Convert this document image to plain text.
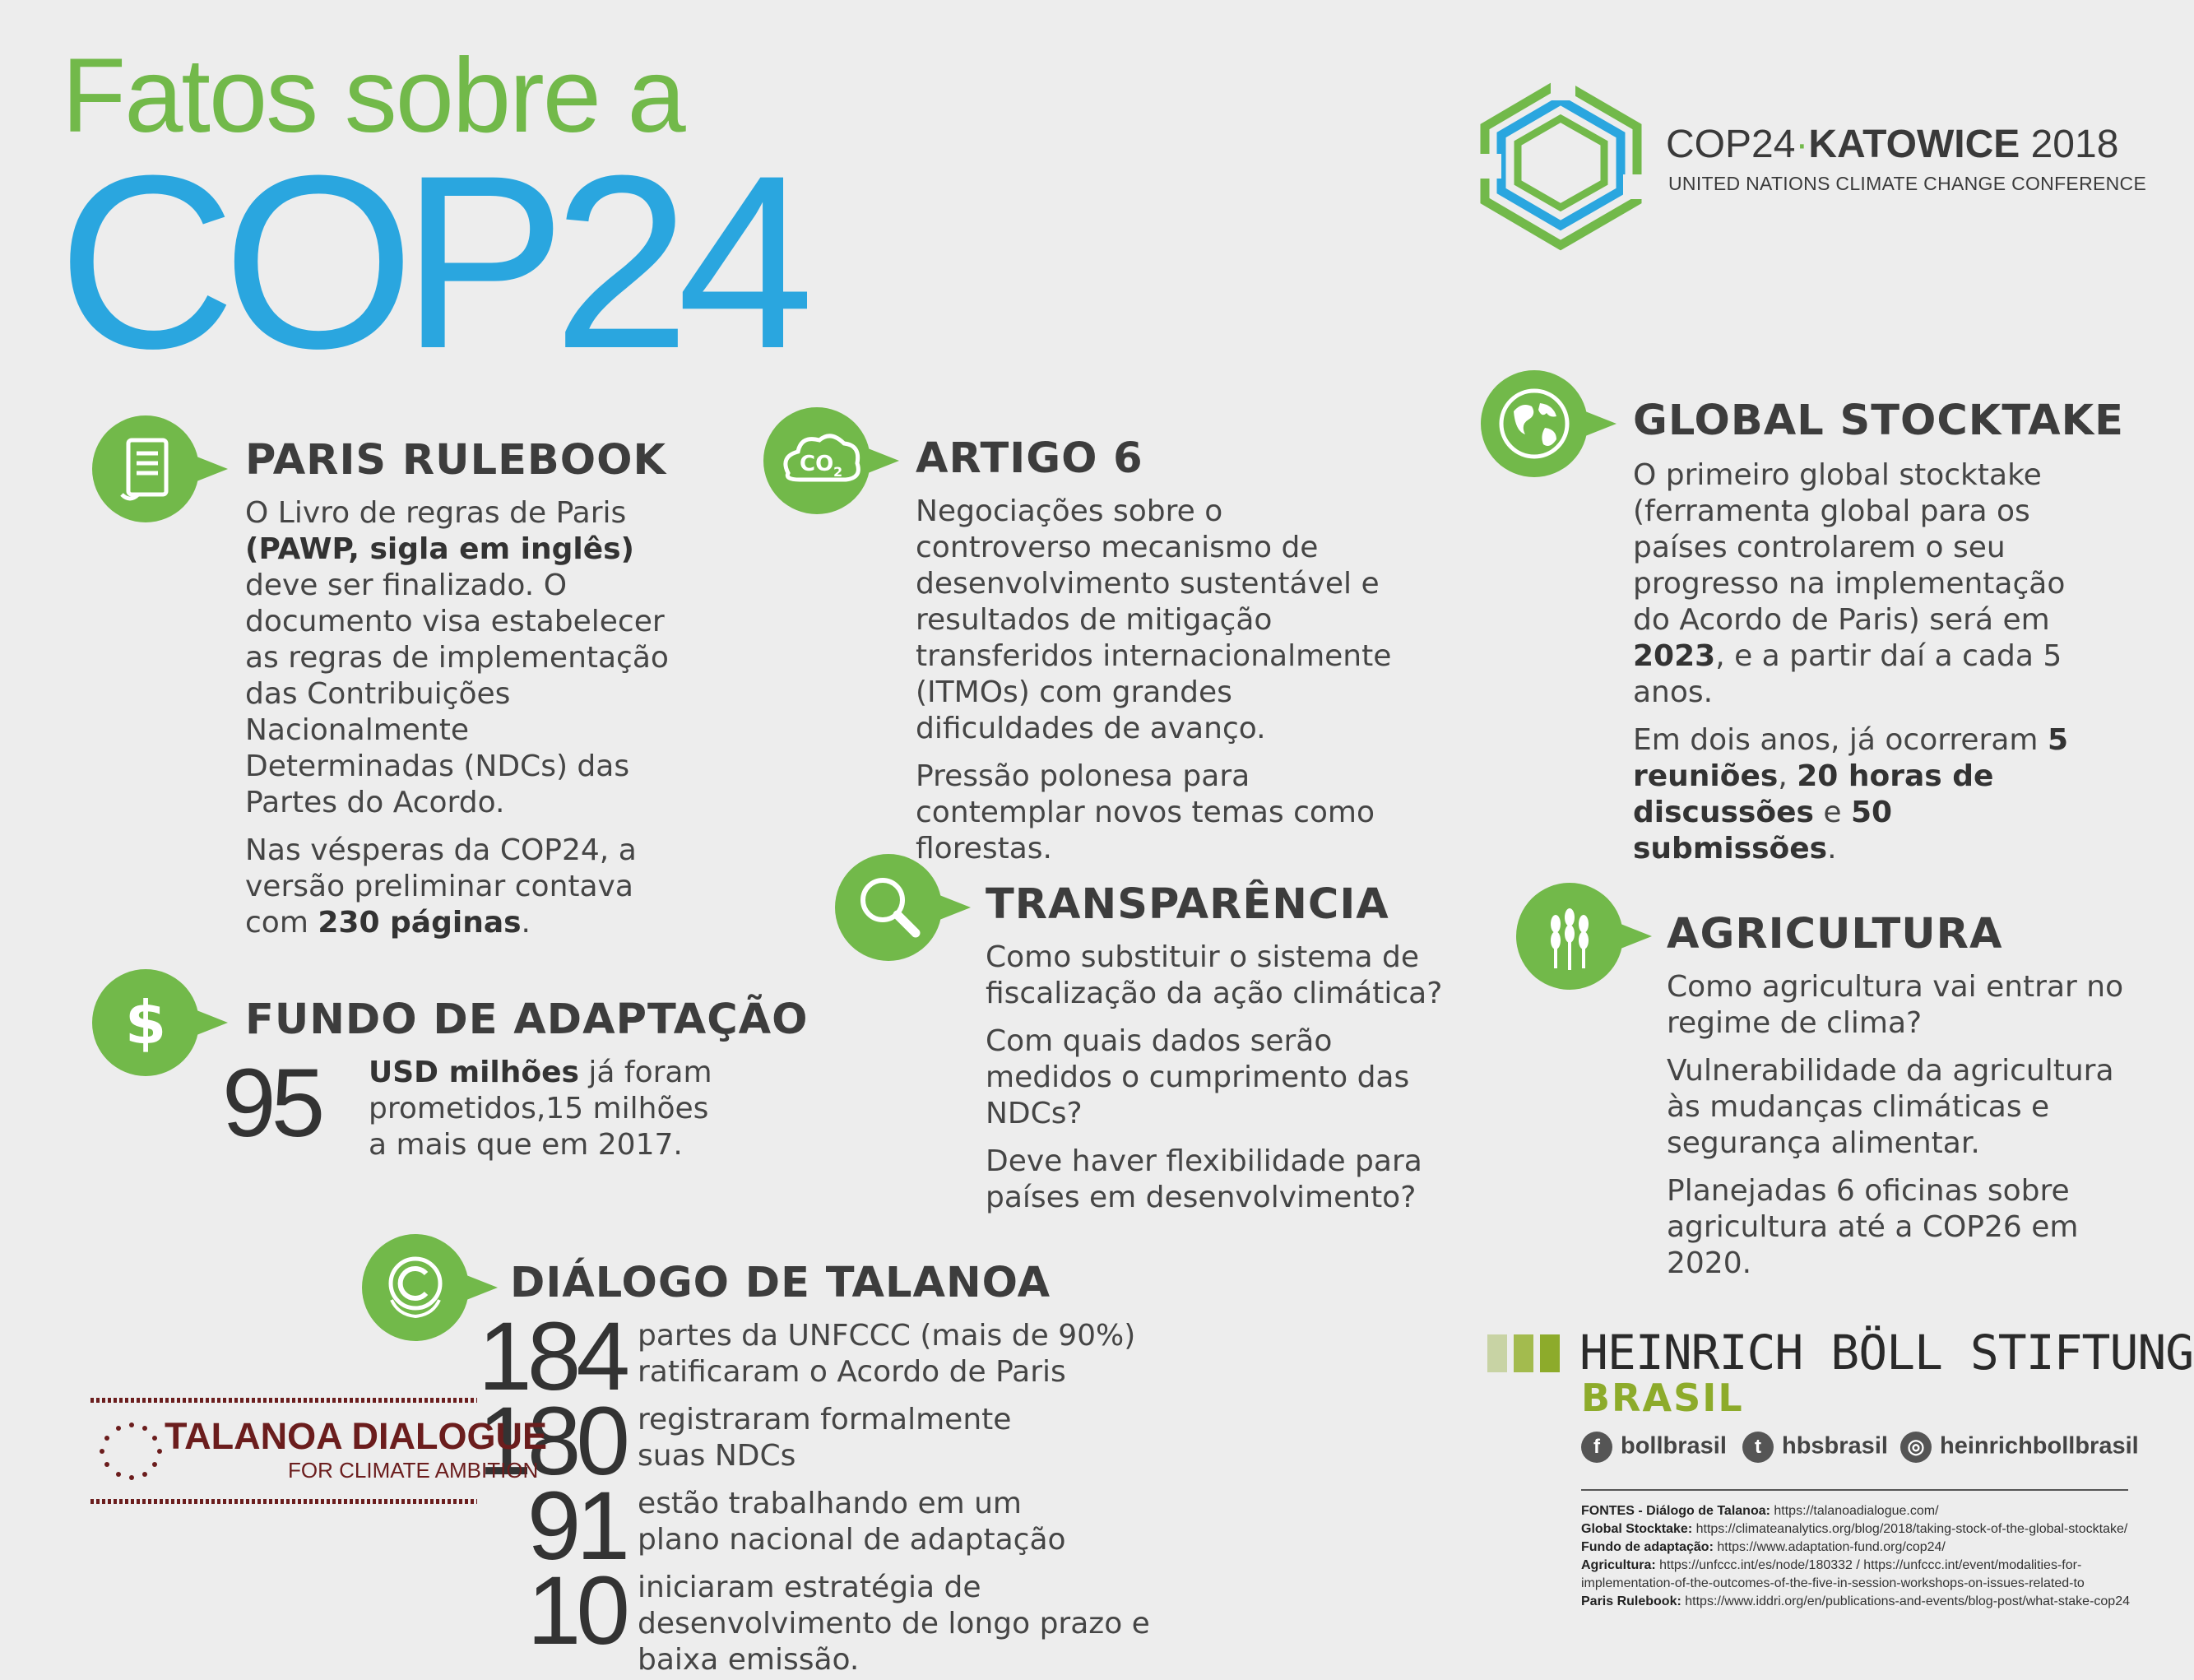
Fatos sobre a
COP24	COP24·KATOWICE 2018
UNITED NATIONS CLIMATE CHANGE CONFERENCE
PARIS RULEBOOK

O Livro de regras de Paris (PAWP, sigla em inglês) deve ser finalizado. O documento visa estabelecer as regras de implementação das Contribuições Nacionalmente Determinadas (NDCs) das Partes do Acordo.

Nas vésperas da COP24, a versão preliminar contava com 230 páginas.

CO 2 ARTIGO 6

Negociações sobre o controverso mecanismo de desenvolvimento sustentável e resultados de mitigação transferidos internacionalmente (ITMOs) com grandes dificuldades de avanço.

Pressão polonesa para contemplar novos temas como florestas.

GLOBAL STOCKTAKE

O primeiro global stocktake (ferramenta global para os países controlarem o seu progresso na implementação do Acordo de Paris) será em 2023, e a partir daí a cada 5 anos.

Em dois anos, já ocorreram 5 reuniões, 20 horas de discussões e 50 submissões.

$ FUNDO DE ADAPTAÇÃO
95	USD milhões já foram prometidos,15 milhões a mais que em 2017.

TRANSPARÊNCIA

Como substituir o sistema de fiscalização da ação climática?

Com quais dados serão medidos o cumprimento das NDCs?

Deve haver flexibilidade para países em desenvolvimento?

AGRICULTURA

Como agricultura vai entrar no regime de clima?

Vulnerabilidade da agricultura às mudanças climáticas e segurança alimentar.

Planejadas 6 oficinas sobre agricultura até a COP26 em 2020.

DIÁLOGO DE TALANOA
184 partes da UNFCCC (mais de 90%) ratificaram o Acordo de Paris
180 registraram formalmente suas NDCs
91 estão trabalhando em um plano nacional de adaptação
10 iniciaram estratégia de desenvolvimento de longo prazo e baixa emissão.
TALANOA DIALOGUE
FOR CLIMATE AMBITION
HEINRICH BÖLL STIFTUNG
BRASIL
f bollbrasil	t hbsbrasil ◎ heinrichbollbrasil
FONTES - Diálogo de Talanoa: https://talanoadialogue.com/
Global Stocktake: https://climateanalytics.org/blog/2018/taking-stock-of-the-global-stocktake/
Fundo de adaptação: https://www.adaptation-fund.org/cop24/
Agricultura: https://unfccc.int/es/node/180332 / https://unfccc.int/event/modalities-for-
implementation-of-the-outcomes-of-the-five-in-session-workshops-on-issues-related-to
Paris Rulebook: https://www.iddri.org/en/publications-and-events/blog-post/what-stake-cop24
